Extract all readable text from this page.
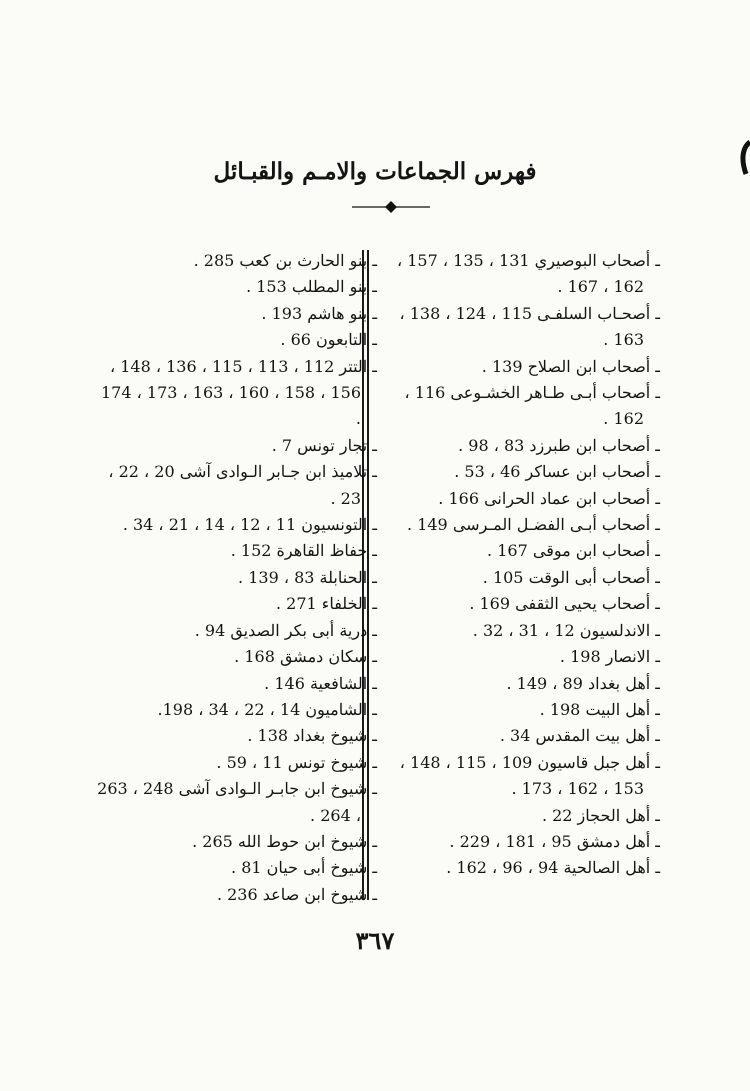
فهرس الجماعات والامـم والقبـائل
ـ أصحاب البوصيري 131 ، 135 ، 157 ، 162 ، 167 .
ـ أصحـاب السلفـى 115 ، 124 ، 138 ، 163 .
ـ أصحاب ابن الصلاح 139 .
ـ أصحاب أبـى طـاهر الخشـوعى 116 ، 162 .
ـ أصحاب ابن طبرزد 83 ، 98 .
ـ أصحاب ابن عساكر 46 ، 53 .
ـ أصحاب ابن عماد الحرانى 166 .
ـ أصحاب أبـى الفضـل المـرسى 149 .
ـ أصحاب ابن موقى 167 .
ـ أصحاب أبى الوقت 105 .
ـ أصحاب يحيى الثقفى 169 .
ـ الاندلسيون 12 ، 31 ، 32 .
ـ الانصار 198 .
ـ أهل بغداد 89 ، 149 .
ـ أهل البيت 198 .
ـ أهل بيت المقدس 34 .
ـ أهل جبل قاسيون 109 ، 115 ، 148 ، 153 ، 162 ، 173 .
ـ أهل الحجاز 22 .
ـ أهل دمشق 95 ، 181 ، 229 .
ـ أهل الصالحية 94 ، 96 ، 162 .
ـ بنو الحارث بن كعب 285 .
ـ بنو المطلب 153 .
ـ بنو هاشم 193 .
ـ التابعون 66 .
ـ التتر 112 ، 113 ، 115 ، 136 ، 148 ، 156 ، 158 ، 160 ، 163 ، 173 ، 174 .
ـ تجار تونس 7 .
ـ تلاميذ ابن جـابر الـوادى آشى 20 ، 22 ، 23 .
ـ التونسيون 11 ، 12 ، 14 ، 21 ، 34 .
ـ حفاظ القاهرة 152 .
ـ الحنابلة 83 ، 139 .
ـ الخلفاء 271 .
ـ ذرية أبى بكر الصديق 94 .
ـ سكان دمشق 168 .
ـ الشافعية 146 .
ـ الشاميون 14 ، 22 ، 34 ، 198.
ـ شيوخ بغداد 138 .
ـ شيوخ تونس 11 ، 59 .
ـ شيوخ ابن جابـر الـوادى آشى 248 ، 263 ، 264 .
ـ شيوخ ابن حوط الله 265 .
ـ شيوخ أبى حيان 81 .
ـ شيوخ ابن صاعد 236 .
٣٦٧
